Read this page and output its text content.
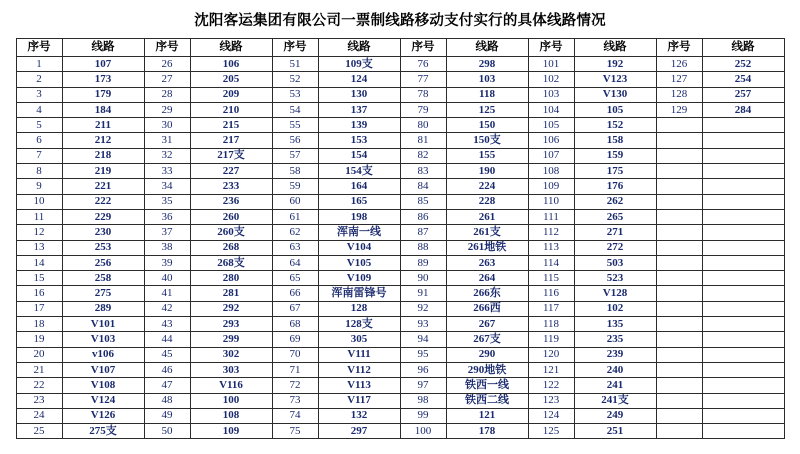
沈阳客运集团有限公司一票制线路移动支付实行的具体线路情况
序号	线路	序号	线路	序号	线路	序号	线路	序号	线路	序号	线路
1	107	26	106	51	109支	76	298	101	192	126	252
2	173	27	205	52	124	77	103	102	V123	127	254
3	179	28	209	53	130	78	118	103	V130	128	257
4	184	29	210	54	137	79	125	104	105	129	284
5	211	30	215	55	139	80	150	105	152		
6	212	31	217	56	153	81	150支	106	158		
7	218	32	217支	57	154	82	155	107	159		
8	219	33	227	58	154支	83	190	108	175		
9	221	34	233	59	164	84	224	109	176		
10	222	35	236	60	165	85	228	110	262		
11	229	36	260	61	198	86	261	111	265		
12	230	37	260支	62	浑南一线	87	261支	112	271		
13	253	38	268	63	V104	88	261地铁	113	272		
14	256	39	268支	64	V105	89	263	114	503		
15	258	40	280	65	V109	90	264	115	523		
16	275	41	281	66	浑南雷锋号	91	266东	116	V128		
17	289	42	292	67	128	92	266西	117	102		
18	V101	43	293	68	128支	93	267	118	135		
19	V103	44	299	69	305	94	267支	119	235		
20	v106	45	302	70	V111	95	290	120	239		
21	V107	46	303	71	V112	96	290地铁	121	240		
22	V108	47	V116	72	V113	97	铁西一线	122	241		
23	V124	48	100	73	V117	98	铁西二线	123	241支		
24	V126	49	108	74	132	99	121	124	249		
25	275支	50	109	75	297	100	178	125	251		
